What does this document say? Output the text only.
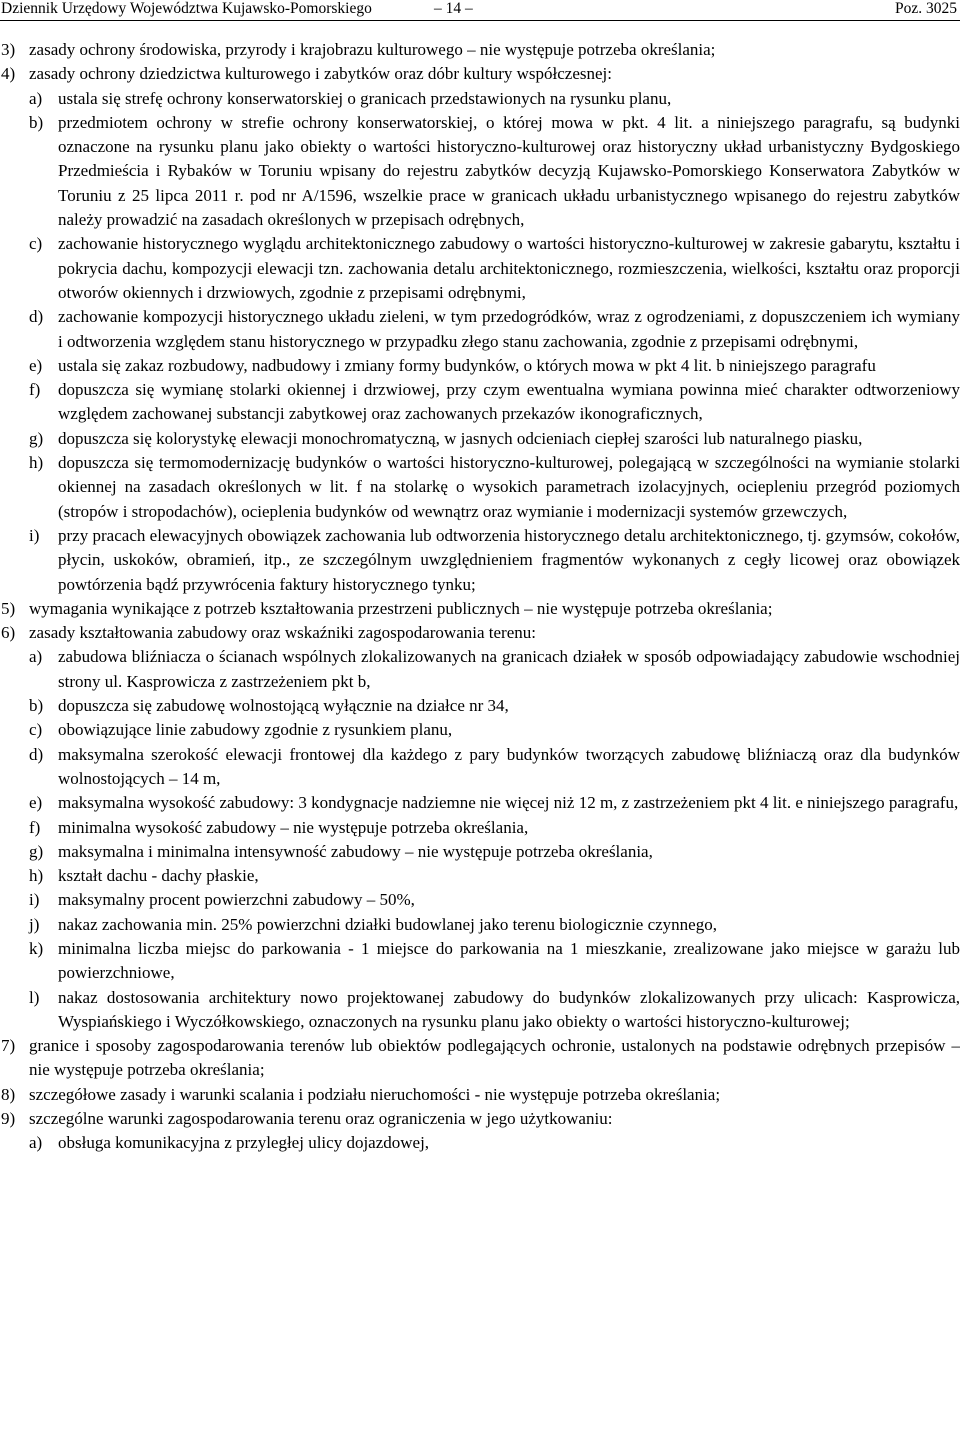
Dziennik Urzędowy Województwa Kujawsko-Pomorskiego	– 14 –	Poz. 3025
3) zasady ochrony środowiska, przyrody i krajobrazu kulturowego – nie występuje potrzeba określania;
4) zasady ochrony dziedzictwa kulturowego i zabytków oraz dóbr kultury współczesnej:
a) ustala się strefę ochrony konserwatorskiej o granicach przedstawionych na rysunku planu,
b) przedmiotem ochrony w strefie ochrony konserwatorskiej, o której mowa w pkt. 4 lit. a niniejszego paragrafu, są budynki oznaczone na rysunku planu jako obiekty o wartości historyczno-kulturowej oraz historyczny układ urbanistyczny Bydgoskiego Przedmieścia i Rybaków w Toruniu wpisany do rejestru zabytków decyzją Kujawsko-Pomorskiego Konserwatora Zabytków w Toruniu z 25 lipca 2011 r. pod nr A/1596, wszelkie prace w granicach układu urbanistycznego wpisanego do rejestru zabytków należy prowadzić na zasadach określonych w przepisach odrębnych,
c) zachowanie historycznego wyglądu architektonicznego zabudowy o wartości historyczno-kulturowej w zakresie gabarytu, kształtu i pokrycia dachu, kompozycji elewacji tzn. zachowania detalu architektonicznego, rozmieszczenia, wielkości, kształtu oraz proporcji otworów okiennych i drzwiowych, zgodnie z przepisami odrębnymi,
d) zachowanie kompozycji historycznego układu zieleni, w tym przedogródków, wraz z ogrodzeniami, z dopuszczeniem ich wymiany i odtworzenia względem stanu historycznego w przypadku złego stanu zachowania, zgodnie z przepisami odrębnymi,
e) ustala się zakaz rozbudowy, nadbudowy i zmiany formy budynków, o których mowa w pkt 4 lit. b niniejszego paragrafu
f) dopuszcza się wymianę stolarki okiennej i drzwiowej, przy czym ewentualna wymiana powinna mieć charakter odtworzeniowy względem zachowanej substancji zabytkowej oraz zachowanych przekazów ikonograficznych,
g) dopuszcza się kolorystykę elewacji monochromatyczną, w jasnych odcieniach ciepłej szarości lub naturalnego piasku,
h) dopuszcza się termomodernizację budynków o wartości historyczno-kulturowej, polegającą w szczególności na wymianie stolarki okiennej na zasadach określonych w lit. f na stolarkę o wysokich parametrach izolacyjnych, ociepleniu przegród poziomych (stropów i stropodachów), ocieplenia budynków od wewnątrz oraz wymianie i modernizacji systemów grzewczych,
i) przy pracach elewacyjnych obowiązek zachowania lub odtworzenia historycznego detalu architektonicznego, tj. gzymsów, cokołów, płycin, uskoków, obramień, itp., ze szczególnym uwzględnieniem fragmentów wykonanych z cegły licowej oraz obowiązek powtórzenia bądź przywrócenia faktury historycznego tynku;
5) wymagania wynikające z potrzeb kształtowania przestrzeni publicznych – nie występuje potrzeba określania;
6) zasady kształtowania zabudowy oraz wskaźniki zagospodarowania terenu:
a) zabudowa bliźniacza o ścianach wspólnych zlokalizowanych na granicach działek w sposób odpowiadający zabudowie wschodniej strony ul. Kasprowicza z zastrzeżeniem pkt b,
b) dopuszcza się zabudowę wolnostojącą wyłącznie na działce nr 34,
c) obowiązujące linie zabudowy zgodnie z rysunkiem planu,
d) maksymalna szerokość elewacji frontowej dla każdego z pary budynków tworzących zabudowę bliźniaczą oraz dla budynków wolnostojących – 14 m,
e) maksymalna wysokość zabudowy: 3 kondygnacje nadziemne nie więcej niż 12 m, z zastrzeżeniem pkt 4 lit. e niniejszego paragrafu,
f) minimalna wysokość zabudowy – nie występuje potrzeba określania,
g) maksymalna i minimalna intensywność zabudowy – nie występuje potrzeba określania,
h) kształt dachu - dachy płaskie,
i) maksymalny procent powierzchni zabudowy – 50%,
j) nakaz zachowania min. 25% powierzchni działki budowlanej jako terenu biologicznie czynnego,
k) minimalna liczba miejsc do parkowania - 1 miejsce do parkowania na 1 mieszkanie, zrealizowane jako miejsce w garażu lub powierzchniowe,
l) nakaz dostosowania architektury nowo projektowanej zabudowy do budynków zlokalizowanych przy ulicach: Kasprowicza, Wyspiańskiego i Wyczółkowskiego, oznaczonych na rysunku planu jako obiekty o wartości historyczno-kulturowej;
7) granice i sposoby zagospodarowania terenów lub obiektów podlegających ochronie, ustalonych na podstawie odrębnych przepisów – nie występuje potrzeba określania;
8) szczegółowe zasady i warunki scalania i podziału nieruchomości - nie występuje potrzeba określania;
9) szczególne warunki zagospodarowania terenu oraz ograniczenia w jego użytkowaniu:
a) obsługa komunikacyjna z przyległej ulicy dojazdowej,
